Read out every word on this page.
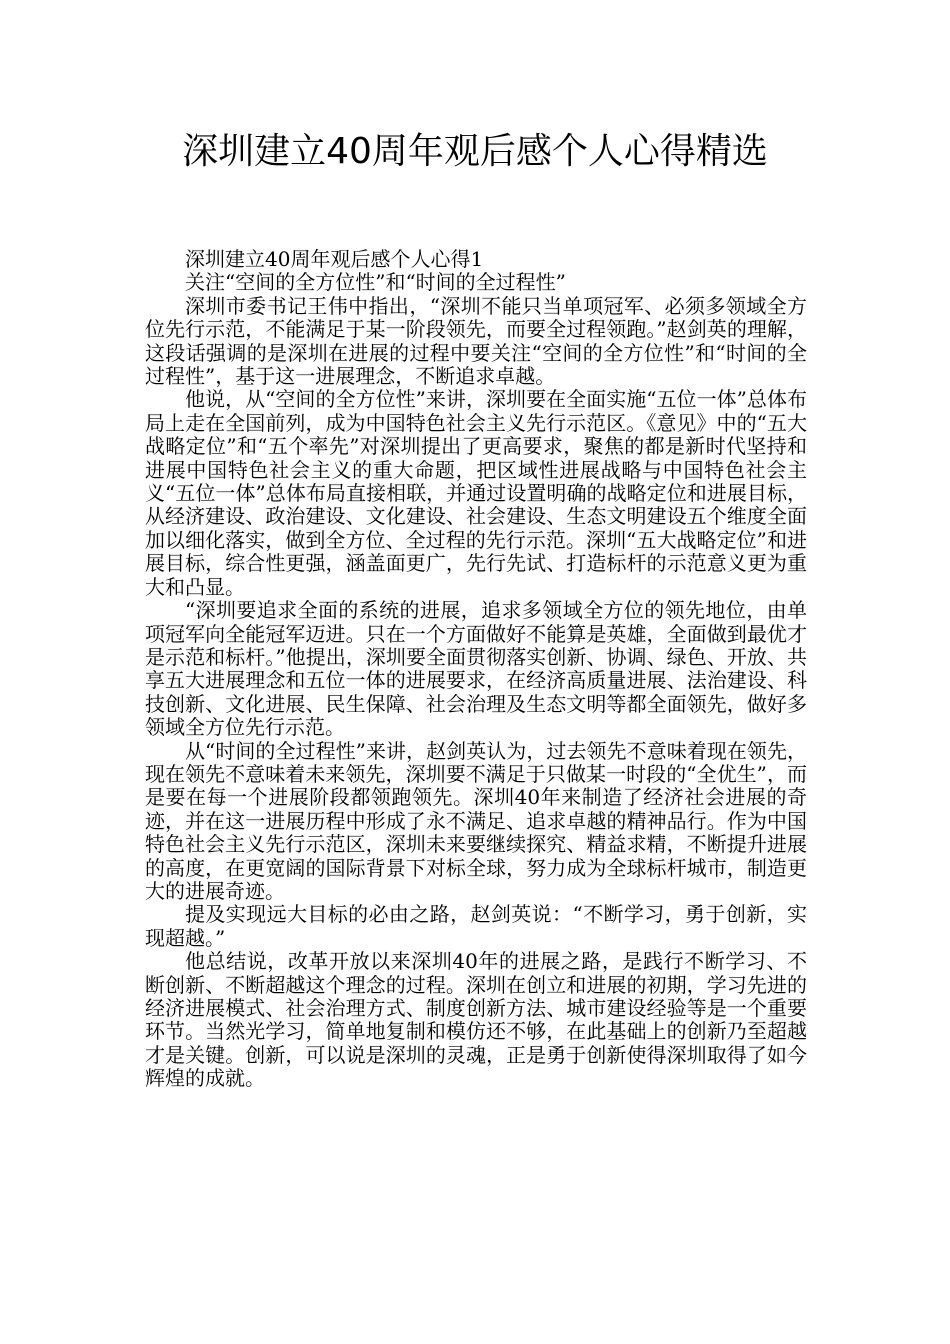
深圳建立40周年观后感个人心得精选

深圳建立40周年观后感个人心得1

关注“空间的全方位性”和“时间的全过程性”

深圳市委书记王伟中指出，“深圳不能只当单项冠军、必须多领域全方位先行示范，不能满足于某一阶段领先，而要全过程领跑。”赵剑英的理解，这段话强调的是深圳在进展的过程中要关注“空间的全方位性”和“时间的全过程性”，基于这一进展理念，不断追求卓越。

他说，从“空间的全方位性”来讲，深圳要在全面实施“五位一体”总体布局上走在全国前列，成为中国特色社会主义先行示范区。《意见》中的“五大战略定位”和“五个率先”对深圳提出了更高要求，聚焦的都是新时代坚持和进展中国特色社会主义的重大命题，把区域性进展战略与中国特色社会主义“五位一体”总体布局直接相联，并通过设置明确的战略定位和进展目标，从经济建设、政治建设、文化建设、社会建设、生态文明建设五个维度全面加以细化落实，做到全方位、全过程的先行示范。深圳“五大战略定位”和进展目标，综合性更强，涵盖面更广，先行先试、打造标杆的示范意义更为重大和凸显。

“深圳要追求全面的系统的进展，追求多领域全方位的领先地位，由单项冠军向全能冠军迈进。只在一个方面做好不能算是英雄，全面做到最优才是示范和标杆。”他提出，深圳要全面贯彻落实创新、协调、绿色、开放、共享五大进展理念和五位一体的进展要求，在经济高质量进展、法治建设、科技创新、文化进展、民生保障、社会治理及生态文明等都全面领先，做好多领域全方位先行示范。

从“时间的全过程性”来讲，赵剑英认为，过去领先不意味着现在领先，现在领先不意味着未来领先，深圳要不满足于只做某一时段的“全优生”，而是要在每一个进展阶段都领跑领先。深圳40年来制造了经济社会进展的奇迹，并在这一进展历程中形成了永不满足、追求卓越的精神品行。作为中国特色社会主义先行示范区，深圳未来要继续探究、精益求精，不断提升进展的高度，在更宽阔的国际背景下对标全球，努力成为全球标杆城市，制造更大的进展奇迹。

提及实现远大目标的必由之路，赵剑英说：“不断学习，勇于创新，实现超越。”

他总结说，改革开放以来深圳40年的进展之路，是践行不断学习、不断创新、不断超越这个理念的过程。深圳在创立和进展的初期，学习先进的经济进展模式、社会治理方式、制度创新方法、城市建设经验等是一个重要环节。当然光学习，简单地复制和模仿还不够，在此基础上的创新乃至超越才是关键。创新，可以说是深圳的灵魂，正是勇于创新使得深圳取得了如今辉煌的成就。
